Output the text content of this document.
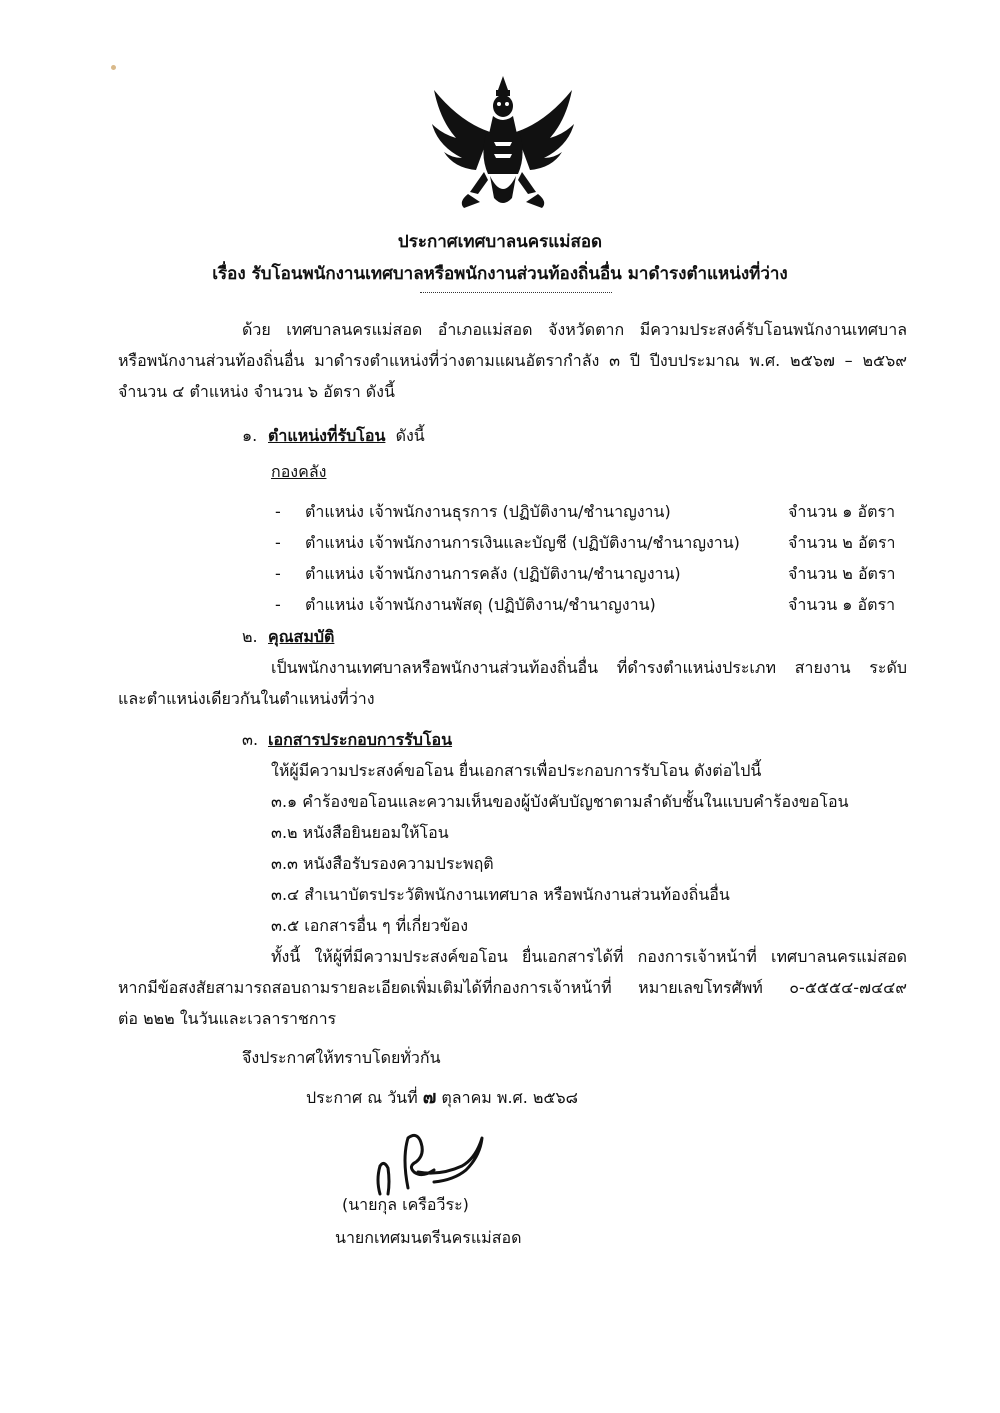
ประกาศเทศบาลนครแม่สอด
เรื่อง รับโอนพนักงานเทศบาลหรือพนักงานส่วนท้องถิ่นอื่น มาดำรงตำแหน่งที่ว่าง
ด้วย เทศบาลนครแม่สอด อำเภอแม่สอด จังหวัดตาก มีความประสงค์รับโอนพนักงานเทศบาล
หรือพนักงานส่วนท้องถิ่นอื่น มาดำรงตำแหน่งที่ว่างตามแผนอัตรากำลัง ๓ ปี ปีงบประมาณ พ.ศ. ๒๕๖๗ – ๒๕๖๙
จำนวน ๔ ตำแหน่ง จำนวน ๖ อัตรา ดังนี้
๑. ตำแหน่งที่รับโอน ดังนี้
กองคลัง
- ตำแหน่ง เจ้าพนักงานธุรการ (ปฏิบัติงาน/ชำนาญงาน)	จำนวน ๑ อัตรา
- ตำแหน่ง เจ้าพนักงานการเงินและบัญชี (ปฏิบัติงาน/ชำนาญงาน)	จำนวน ๒ อัตรา
- ตำแหน่ง เจ้าพนักงานการคลัง (ปฏิบัติงาน/ชำนาญงาน)	จำนวน ๒ อัตรา
- ตำแหน่ง เจ้าพนักงานพัสดุ (ปฏิบัติงาน/ชำนาญงาน)	จำนวน ๑ อัตรา
๒. คุณสมบัติ
เป็นพนักงานเทศบาลหรือพนักงานส่วนท้องถิ่นอื่น ที่ดำรงตำแหน่งประเภท สายงาน ระดับ
และตำแหน่งเดียวกันในตำแหน่งที่ว่าง
๓. เอกสารประกอบการรับโอน
ให้ผู้มีความประสงค์ขอโอน ยื่นเอกสารเพื่อประกอบการรับโอน ดังต่อไปนี้
๓.๑ คำร้องขอโอนและความเห็นของผู้บังคับบัญชาตามลำดับชั้นในแบบคำร้องขอโอน
๓.๒ หนังสือยินยอมให้โอน
๓.๓ หนังสือรับรองความประพฤติ
๓.๔ สำเนาบัตรประวัติพนักงานเทศบาล หรือพนักงานส่วนท้องถิ่นอื่น
๓.๕ เอกสารอื่น ๆ ที่เกี่ยวข้อง
ทั้งนี้ ให้ผู้ที่มีความประสงค์ขอโอน ยื่นเอกสารได้ที่ กองการเจ้าหน้าที่ เทศบาลนครแม่สอด
หากมีข้อสงสัยสามารถสอบถามรายละเอียดเพิ่มเติมได้ที่กองการเจ้าหน้าที่ หมายเลขโทรศัพท์ ๐-๕๕๕๔-๗๔๔๙
ต่อ ๒๒๒ ในวันและเวลาราชการ
จึงประกาศให้ทราบโดยทั่วกัน
ประกาศ ณ วันที่ ๗ ตุลาคม พ.ศ. ๒๕๖๘
(นายกุล เครือวีระ)
นายกเทศมนตรีนครแม่สอด
